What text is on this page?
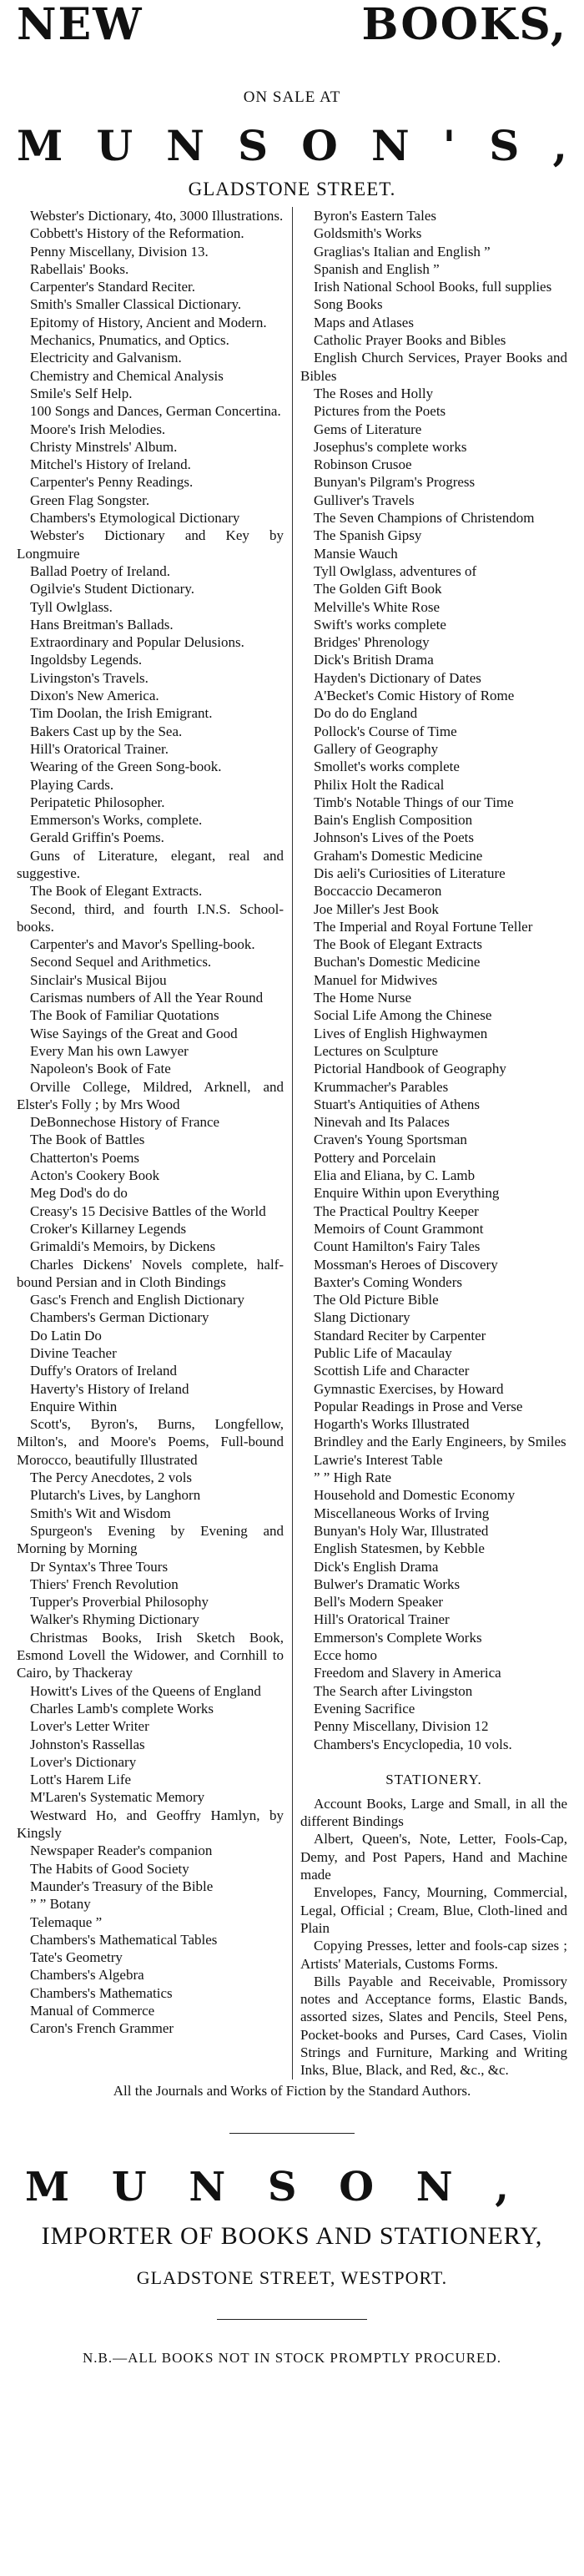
NEW	BOOKS,
ON SALE AT
M U N S O N ' S ,
GLADSTONE STREET.

Webster's Dictionary, 4to, 3000 Illustrations.

Cobbett's History of the Reformation.

Penny Miscellany, Division 13.

Rabellais' Books.

Carpenter's Standard Reciter.

Smith's Smaller Classical Dictionary.

Epitomy of History, Ancient and Modern.

Mechanics, Pnumatics, and Optics.

Electricity and Galvanism.

Chemistry and Chemical Analysis

Smile's Self Help.

100 Songs and Dances, German Concertina.

Moore's Irish Melodies.

Christy Minstrels' Album.

Mitchel's History of Ireland.

Carpenter's Penny Readings.

Green Flag Songster.

Chambers's Etymological Dictionary

Webster's Dictionary and Key by Longmuire

Ballad Poetry of Ireland.

Ogilvie's Student Dictionary.

Tyll Owlglass.

Hans Breitman's Ballads.

Extraordinary and Popular Delusions.

Ingoldsby Legends.

Livingston's Travels.

Dixon's New America.

Tim Doolan, the Irish Emigrant.

Bakers Cast up by the Sea.

Hill's Oratorical Trainer.

Wearing of the Green Song-book.

Playing Cards.

Peripatetic Philosopher.

Emmerson's Works, complete.

Gerald Griffin's Poems.

Guns of Literature, elegant, real and suggestive.

The Book of Elegant Extracts.

Second, third, and fourth I.N.S. School-books.

Carpenter's and Mavor's Spelling-book.

Second Sequel and Arithmetics.

Sinclair's Musical Bijou

Carismas numbers of All the Year Round

The Book of Familiar Quotations

Wise Sayings of the Great and Good

Every Man his own Lawyer

Napoleon's Book of Fate

Orville College, Mildred, Arknell, and Elster's Folly ; by Mrs Wood

DeBonnechose History of France

The Book of Battles

Chatterton's Poems

Acton's Cookery Book

Meg Dod's do do

Creasy's 15 Decisive Battles of the World

Croker's Killarney Legends

Grimaldi's Memoirs, by Dickens

Charles Dickens' Novels complete, half-bound Persian and in Cloth Bindings

Gasc's French and English Dictionary

Chambers's German Dictionary

Do Latin Do

Divine Teacher

Duffy's Orators of Ireland

Haverty's History of Ireland

Enquire Within

Scott's, Byron's, Burns, Longfellow, Milton's, and Moore's Poems, Full-bound Morocco, beautifully Illustrated

The Percy Anecdotes, 2 vols

Plutarch's Lives, by Langhorn

Smith's Wit and Wisdom

Spurgeon's Evening by Evening and Morning by Morning

Dr Syntax's Three Tours

Thiers' French Revolution

Tupper's Proverbial Philosophy

Walker's Rhyming Dictionary

Christmas Books, Irish Sketch Book, Esmond Lovell the Widower, and Cornhill to Cairo, by Thackeray

Howitt's Lives of the Queens of England

Charles Lamb's complete Works

Lover's Letter Writer

Johnston's Rassellas

Lover's Dictionary

Lott's Harem Life

M'Laren's Systematic Memory

Westward Ho, and Geoffry Hamlyn, by Kingsly

Newspaper Reader's companion

The Habits of Good Society

Maunder's Treasury of the Bible

” ” Botany

Telemaque ”

Chambers's Mathematical Tables

Tate's Geometry

Chambers's Algebra

Chambers's Mathematics

Manual of Commerce

Caron's French Grammer

Byron's Eastern Tales

Goldsmith's Works

Graglias's Italian and English ”

Spanish and English ”

Irish National School Books, full supplies

Song Books

Maps and Atlases

Catholic Prayer Books and Bibles

English Church Services, Prayer Books and Bibles

The Roses and Holly

Pictures from the Poets

Gems of Literature

Josephus's complete works

Robinson Crusoe

Bunyan's Pilgram's Progress

Gulliver's Travels

The Seven Champions of Christendom

The Spanish Gipsy

Mansie Wauch

Tyll Owlglass, adventures of

The Golden Gift Book

Melville's White Rose

Swift's works complete

Bridges' Phrenology

Dick's British Drama

Hayden's Dictionary of Dates

A'Becket's Comic History of Rome

Do do do England

Pollock's Course of Time

Gallery of Geography

Smollet's works complete

Philix Holt the Radical

Timb's Notable Things of our Time

Bain's English Composition

Johnson's Lives of the Poets

Graham's Domestic Medicine

Dis aeli's Curiosities of Literature

Boccaccio Decameron

Joe Miller's Jest Book

The Imperial and Royal Fortune Teller

The Book of Elegant Extracts

Buchan's Domestic Medicine

Manuel for Midwives

The Home Nurse

Social Life Among the Chinese

Lives of English Highwaymen

Lectures on Sculpture

Pictorial Handbook of Geography

Krummacher's Parables

Stuart's Antiquities of Athens

Ninevah and Its Palaces

Craven's Young Sportsman

Pottery and Porcelain

Elia and Eliana, by C. Lamb

Enquire Within upon Everything

The Practical Poultry Keeper

Memoirs of Count Grammont

Count Hamilton's Fairy Tales

Mossman's Heroes of Discovery

Baxter's Coming Wonders

The Old Picture Bible

Slang Dictionary

Standard Reciter by Carpenter

Public Life of Macaulay

Scottish Life and Character

Gymnastic Exercises, by Howard

Popular Readings in Prose and Verse

Hogarth's Works Illustrated

Brindley and the Early Engineers, by Smiles

Lawrie's Interest Table

” ” High Rate

Household and Domestic Economy

Miscellaneous Works of Irving

Bunyan's Holy War, Illustrated

English Statesmen, by Kebble

Dick's English Drama

Bulwer's Dramatic Works

Bell's Modern Speaker

Hill's Oratorical Trainer

Emmerson's Complete Works

Ecce homo

Freedom and Slavery in America

The Search after Livingston

Evening Sacrifice

Penny Miscellany, Division 12

Chambers's Encyclopedia, 10 vols.

STATIONERY.

Account Books, Large and Small, in all the different Bindings

Albert, Queen's, Note, Letter, Fools-Cap, Demy, and Post Papers, Hand and Machine made

Envelopes, Fancy, Mourning, Commercial, Legal, Official ; Cream, Blue, Cloth-lined and Plain

Copying Presses, letter and fools-cap sizes ; Artists' Materials, Customs Forms.

Bills Payable and Receivable, Promissory notes and Acceptance forms, Elastic Bands, assorted sizes, Slates and Pencils, Steel Pens, Pocket-books and Purses, Card Cases, Violin Strings and Furniture, Marking and Writing Inks, Blue, Black, and Red, &c., &c.

All the Journals and Works of Fiction by the Standard Authors.
M U N S O N ,
IMPORTER OF BOOKS AND STATIONERY,
GLADSTONE STREET, WESTPORT.
N.B.—ALL BOOKS NOT IN STOCK PROMPTLY PROCURED.
